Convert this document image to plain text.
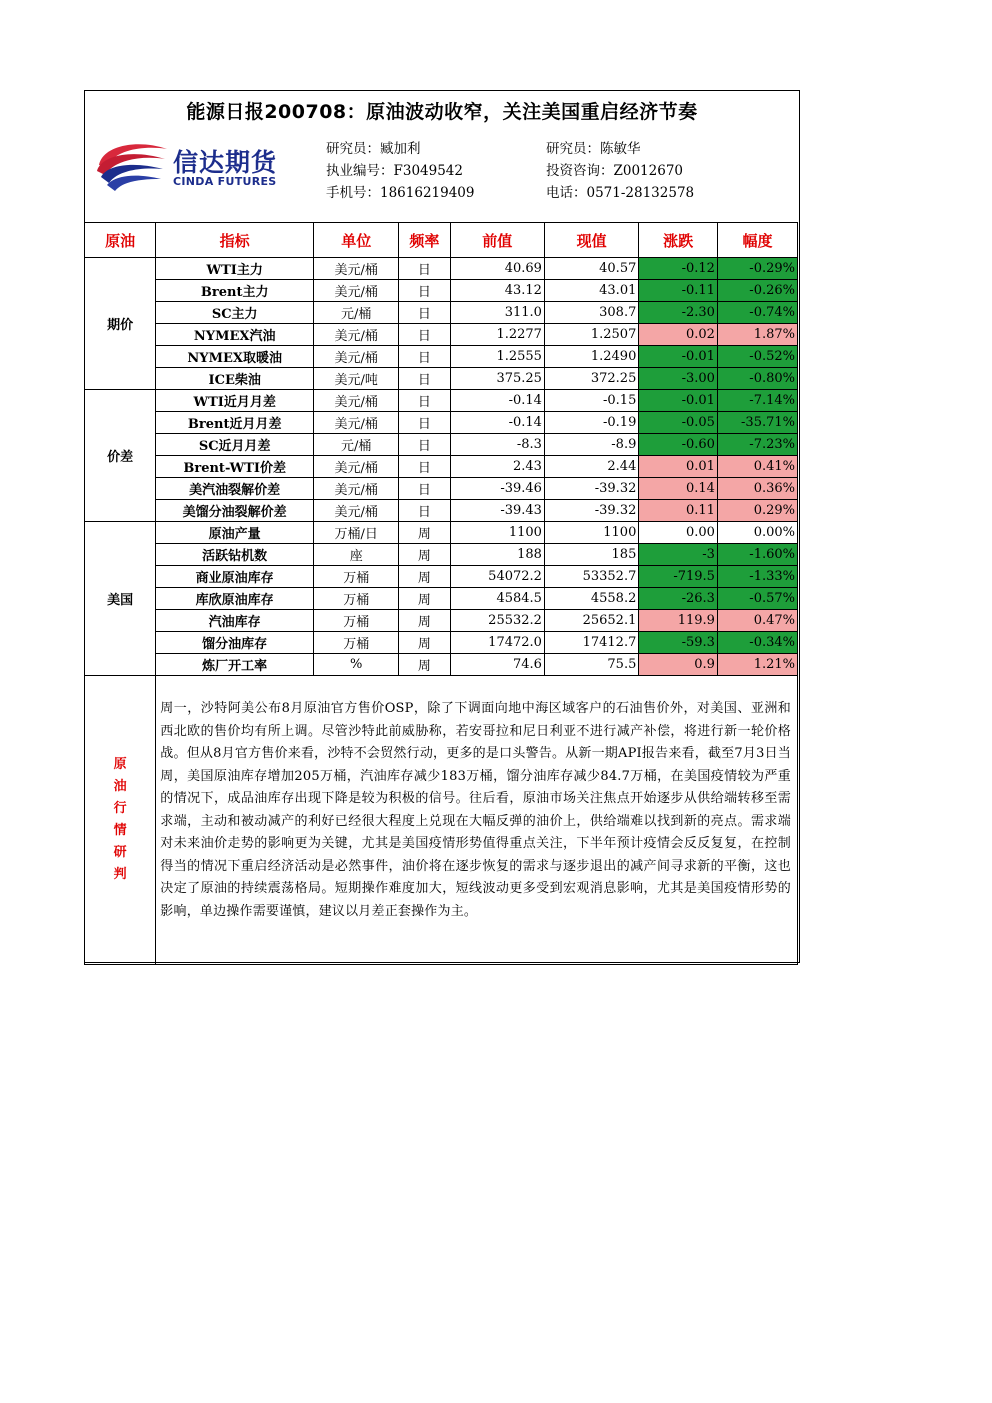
能源日报200708：原油波动收窄，关注美国重启经济节奏
信达期货
CINDA FUTURES
研究员：臧加利
执业编号：F3049542
手机号：18616219409
研究员：陈敏华
投资咨询：Z0012670
电话：0571-28132578
原油	指标	单位	频率	前值	现值	涨跌	幅度
期价	WTI主力	美元/桶	日	40.69	40.57	-0.12	-0.29%
	Brent主力	美元/桶	日	43.12	43.01	-0.11	-0.26%
	SC主力	元/桶	日	311.0	308.7	-2.30	-0.74%
	NYMEX汽油	美元/桶	日	1.2277	1.2507	0.02	1.87%
	NYMEX取暖油	美元/桶	日	1.2555	1.2490	-0.01	-0.52%
	ICE柴油	美元/吨	日	375.25	372.25	-3.00	-0.80%
价差	WTI近月月差	美元/桶	日	-0.14	-0.15	-0.01	-7.14%
	Brent近月月差	美元/桶	日	-0.14	-0.19	-0.05	-35.71%
	SC近月月差	元/桶	日	-8.3	-8.9	-0.60	-7.23%
	Brent-WTI价差	美元/桶	日	2.43	2.44	0.01	0.41%
	美汽油裂解价差	美元/桶	日	-39.46	-39.32	0.14	0.36%
	美馏分油裂解价差	美元/桶	日	-39.43	-39.32	0.11	0.29%
美国	原油产量	万桶/日	周	1100	1100	0.00	0.00%
	活跃钻机数	座	周	188	185	-3	-1.60%
	商业原油库存	万桶	周	54072.2	53352.7	-719.5	-1.33%
	库欣原油库存	万桶	周	4584.5	4558.2	-26.3	-0.57%
	汽油库存	万桶	周	25532.2	25652.1	119.9	0.47%
	馏分油库存	万桶	周	17472.0	17412.7	-59.3	-0.34%
	炼厂开工率	%	周	74.6	75.5	0.9	1.21%

原油行情研判	周一，沙特阿美公布8月原油官方售价OSP，除了下调面向地中海区域客户的石油售价外，对美国、亚洲和西北欧的售价均有所上调。尽管沙特此前威胁称，若安哥拉和尼日利亚不进行减产补偿，将进行新一轮价格战。但从8月官方售价来看，沙特不会贸然行动，更多的是口头警告。从新一期API报告来看，截至7月3日当周，美国原油库存增加205万桶，汽油库存减少183万桶，馏分油库存减少84.7万桶，在美国疫情较为严重的情况下，成品油库存出现下降是较为积极的信号。往后看，原油市场关注焦点开始逐步从供给端转移至需求端，主动和被动减产的利好已经很大程度上兑现在大幅反弹的油价上，供给端难以找到新的亮点。需求端对未来油价走势的影响更为关键，尤其是美国疫情形势值得重点关注，下半年预计疫情会反反复复，在控制得当的情况下重启经济活动是必然事件，油价将在逐步恢复的需求与逐步退出的减产间寻求新的平衡，这也决定了原油的持续震荡格局。短期操作难度加大，短线波动更多受到宏观消息影响，尤其是美国疫情形势的影响，单边操作需要谨慎，建议以月差正套操作为主。						
